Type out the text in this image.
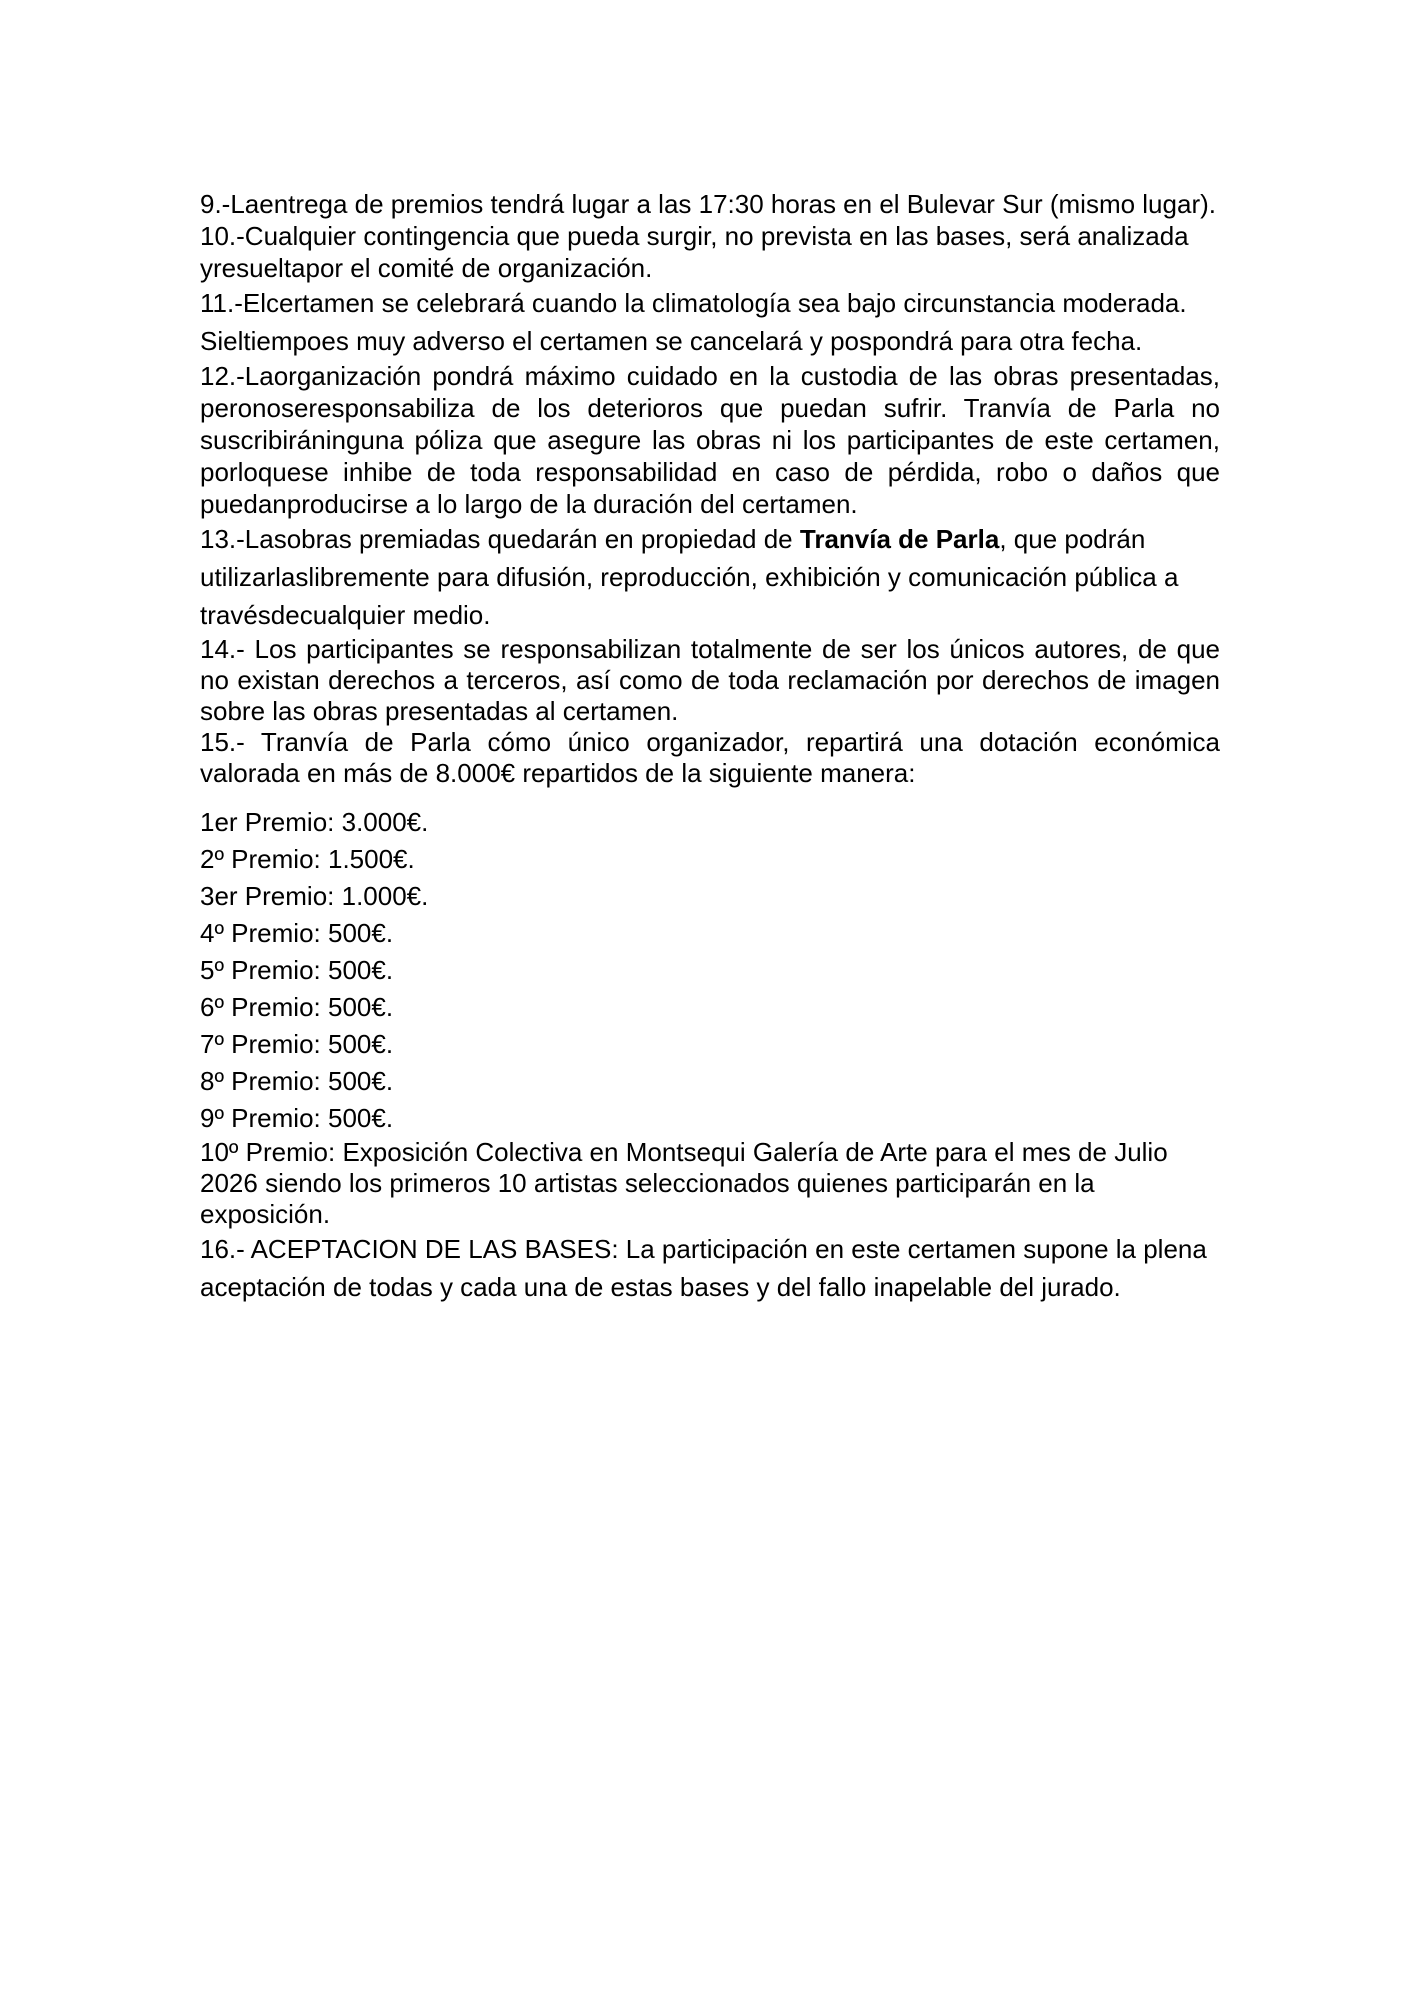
9.-Laentrega de premios tendrá lugar a las 17:30 horas en el Bulevar Sur (mismo lugar).

10.-Cualquier contingencia que pueda surgir, no prevista en las bases, será analizada yresueltapor el comité de organización.

11.-Elcertamen se celebrará cuando la climatología sea bajo circunstancia moderada. Sieltiempoes muy adverso el certamen se cancelará y pospondrá para otra fecha.

12.-Laorganización pondrá máximo cuidado en la custodia de las obras presentadas, peronoseresponsabiliza de los deterioros que puedan sufrir. Tranvía de Parla no suscribiráninguna póliza que asegure las obras ni los participantes de este certamen, porloquese inhibe de toda responsabilidad en caso de pérdida, robo o daños que puedanproducirse a lo largo de la duración del certamen.

13.-Lasobras premiadas quedarán en propiedad de Tranvía de Parla, que podrán utilizarlaslibremente para difusión, reproducción, exhibición y comunicación pública a travésdecualquier medio.

14.- Los participantes se responsabilizan totalmente de ser los únicos autores, de que no existan derechos a terceros, así como de toda reclamación por derechos de imagen sobre las obras presentadas al certamen.

15.- Tranvía de Parla cómo único organizador, repartirá una dotación económica valorada en más de 8.000€ repartidos de la siguiente manera:

1er Premio: 3.000€.
2º Premio: 1.500€.
3er Premio: 1.000€.
4º Premio: 500€.
5º Premio: 500€.
6º Premio: 500€.
7º Premio: 500€.
8º Premio: 500€.
9º Premio: 500€.

10º Premio: Exposición Colectiva en Montsequi Galería de Arte para el mes de Julio 2026 siendo los primeros 10 artistas seleccionados quienes participarán en la exposición.

16.- ACEPTACION DE LAS BASES: La participación en este certamen supone la plena aceptación de todas y cada una de estas bases y del fallo inapelable del jurado.
